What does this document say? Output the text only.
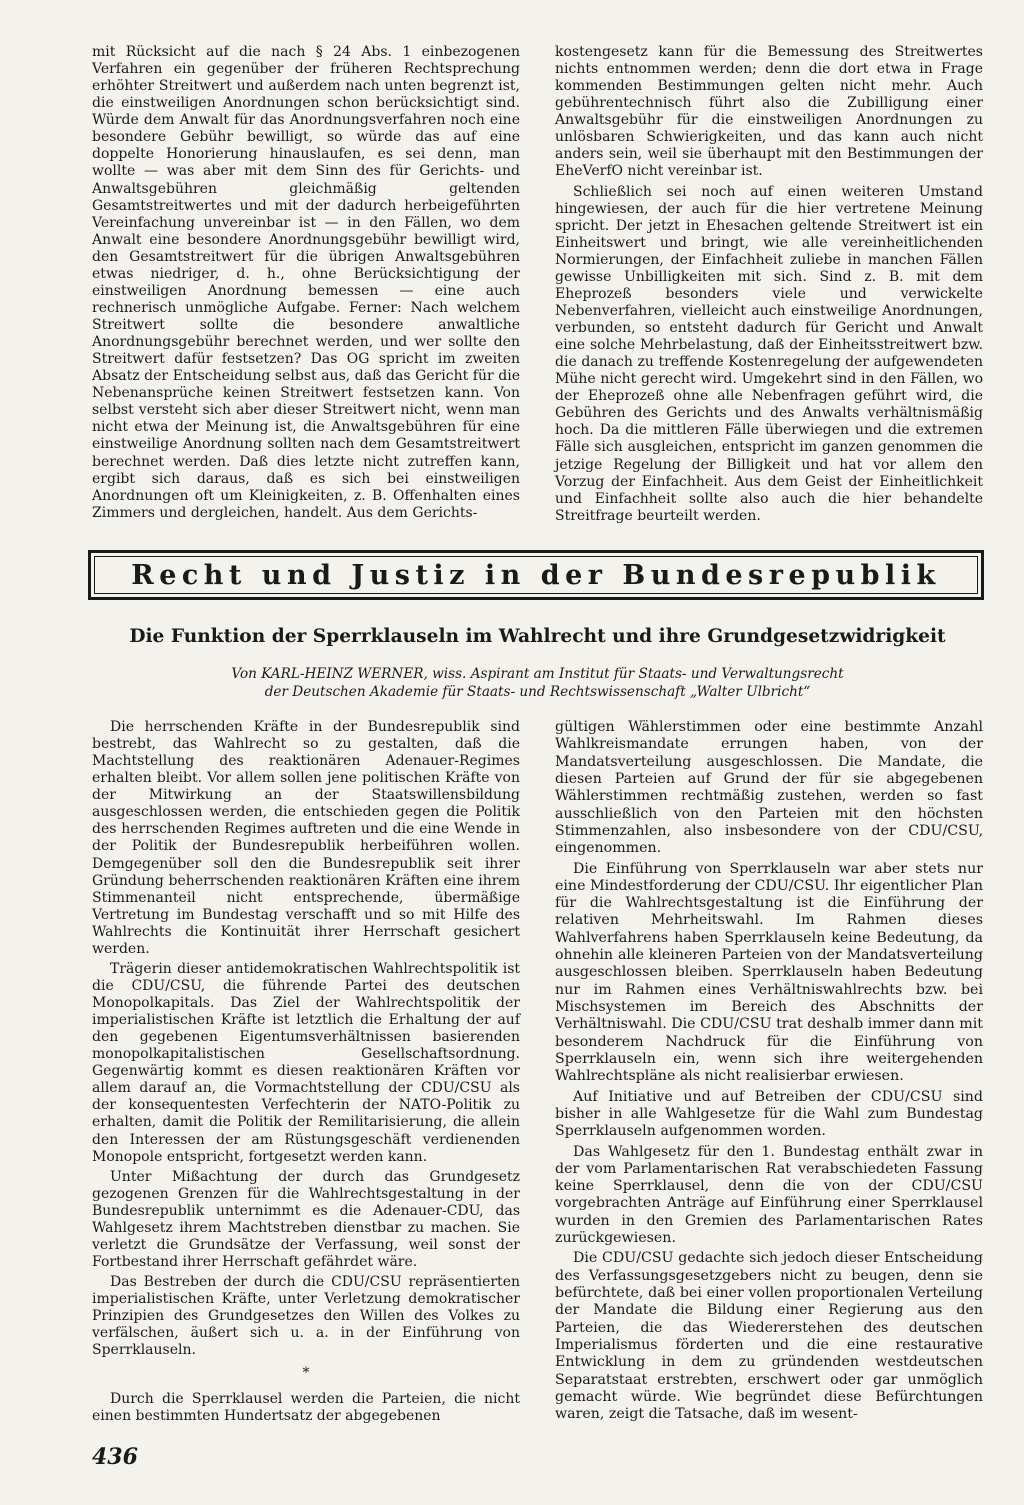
mit Rücksicht auf die nach § 24 Abs. 1 einbezogenen Verfahren ein gegenüber der früheren Rechtsprechung erhöhter Streitwert und außerdem nach unten begrenzt ist, die einstweiligen Anordnungen schon berücksichtigt sind. Würde dem Anwalt für das Anordnungsverfahren noch eine besondere Gebühr bewilligt, so würde das auf eine doppelte Honorierung hinauslaufen, es sei denn, man wollte — was aber mit dem Sinn des für Gerichts- und Anwaltsgebühren gleichmäßig geltenden Gesamtstreitwertes und mit der dadurch herbeigeführten Vereinfachung unvereinbar ist — in den Fällen, wo dem Anwalt eine besondere Anordnungsgebühr bewilligt wird, den Gesamtstreitwert für die übrigen Anwaltsgebühren etwas niedriger, d. h., ohne Berücksichtigung der einstweiligen Anordnung bemessen — eine auch rechnerisch unmögliche Aufgabe. Ferner: Nach welchem Streitwert sollte die besondere anwaltliche Anordnungsgebühr berechnet werden, und wer sollte den Streitwert dafür festsetzen? Das OG spricht im zweiten Absatz der Entscheidung selbst aus, daß das Gericht für die Nebenansprüche keinen Streitwert festsetzen kann. Von selbst versteht sich aber dieser Streitwert nicht, wenn man nicht etwa der Meinung ist, die Anwaltsgebühren für eine einstweilige Anordnung sollten nach dem Gesamtstreitwert berechnet werden. Daß dies letzte nicht zutreffen kann, ergibt sich daraus, daß es sich bei einstweiligen Anordnungen oft um Kleinigkeiten, z. B. Offenhalten eines Zimmers und dergleichen, handelt. Aus dem Gerichts-

kostengesetz kann für die Bemessung des Streitwertes nichts entnommen werden; denn die dort etwa in Frage kommenden Bestimmungen gelten nicht mehr. Auch gebührentechnisch führt also die Zubilligung einer Anwaltsgebühr für die einstweiligen Anordnungen zu unlösbaren Schwierigkeiten, und das kann auch nicht anders sein, weil sie überhaupt mit den Bestimmungen der EheVerfO nicht vereinbar ist.

Schließlich sei noch auf einen weiteren Umstand hingewiesen, der auch für die hier vertretene Meinung spricht. Der jetzt in Ehesachen geltende Streitwert ist ein Einheitswert und bringt, wie alle vereinheitlichenden Normierungen, der Einfachheit zuliebe in manchen Fällen gewisse Unbilligkeiten mit sich. Sind z. B. mit dem Eheprozeß besonders viele und verwickelte Nebenverfahren, vielleicht auch einstweilige Anordnungen, verbunden, so entsteht dadurch für Gericht und Anwalt eine solche Mehrbelastung, daß der Einheitsstreitwert bzw. die danach zu treffende Kostenregelung der aufgewendeten Mühe nicht gerecht wird. Umgekehrt sind in den Fällen, wo der Eheprozeß ohne alle Nebenfragen geführt wird, die Gebühren des Gerichts und des Anwalts verhältnismäßig hoch. Da die mittleren Fälle überwiegen und die extremen Fälle sich ausgleichen, entspricht im ganzen genommen die jetzige Regelung der Billigkeit und hat vor allem den Vorzug der Einfachheit. Aus dem Geist der Einheitlichkeit und Einfachheit sollte also auch die hier behandelte Streitfrage beurteilt werden.

Recht und Justiz in der Bundesrepublik
Die Funktion der Sperrklauseln im Wahlrecht und ihre Grundgesetzwidrigkeit
Von KARL-HEINZ WERNER, wiss. Aspirant am Institut für Staats- und Verwaltungsrecht
der Deutschen Akademie für Staats- und Rechtswissenschaft „Walter Ulbricht“

Die herrschenden Kräfte in der Bundesrepublik sind bestrebt, das Wahlrecht so zu gestalten, daß die Machtstellung des reaktionären Adenauer-Regimes erhalten bleibt. Vor allem sollen jene politischen Kräfte von der Mitwirkung an der Staatswillensbildung ausgeschlossen werden, die entschieden gegen die Politik des herrschenden Regimes auftreten und die eine Wende in der Politik der Bundesrepublik herbeiführen wollen. Demgegenüber soll den die Bundesrepublik seit ihrer Gründung beherrschenden reaktionären Kräften eine ihrem Stimmenanteil nicht entsprechende, übermäßige Vertretung im Bundestag verschafft und so mit Hilfe des Wahlrechts die Kontinuität ihrer Herrschaft gesichert werden.

Trägerin dieser antidemokratischen Wahlrechtspolitik ist die CDU/CSU, die führende Partei des deutschen Monopolkapitals. Das Ziel der Wahlrechtspolitik der imperialistischen Kräfte ist letztlich die Erhaltung der auf den gegebenen Eigentumsverhältnissen basierenden monopolkapitalistischen Gesellschaftsordnung. Gegenwärtig kommt es diesen reaktionären Kräften vor allem darauf an, die Vormachtstellung der CDU/CSU als der konsequentesten Verfechterin der NATO-Politik zu erhalten, damit die Politik der Remilitarisierung, die allein den Interessen der am Rüstungsgeschäft verdienenden Monopole entspricht, fortgesetzt werden kann.

Unter Mißachtung der durch das Grundgesetz gezogenen Grenzen für die Wahlrechtsgestaltung in der Bundesrepublik unternimmt es die Adenauer-CDU, das Wahlgesetz ihrem Machtstreben dienstbar zu machen. Sie verletzt die Grundsätze der Verfassung, weil sonst der Fortbestand ihrer Herrschaft gefährdet wäre.

Das Bestreben der durch die CDU/CSU repräsentierten imperialistischen Kräfte, unter Verletzung demokratischer Prinzipien des Grundgesetzes den Willen des Volkes zu verfälschen, äußert sich u. a. in der Einführung von Sperrklauseln.

*

Durch die Sperrklausel werden die Parteien, die nicht einen bestimmten Hundertsatz der abgegebenen

gültigen Wählerstimmen oder eine bestimmte Anzahl Wahlkreismandate errungen haben, von der Mandatsverteilung ausgeschlossen. Die Mandate, die diesen Parteien auf Grund der für sie abgegebenen Wählerstimmen rechtmäßig zustehen, werden so fast ausschließlich von den Parteien mit den höchsten Stimmenzahlen, also insbesondere von der CDU/CSU, eingenommen.

Die Einführung von Sperrklauseln war aber stets nur eine Mindestforderung der CDU/CSU. Ihr eigentlicher Plan für die Wahlrechtsgestaltung ist die Einführung der relativen Mehrheitswahl. Im Rahmen dieses Wahlverfahrens haben Sperrklauseln keine Bedeutung, da ohnehin alle kleineren Parteien von der Mandatsverteilung ausgeschlossen bleiben. Sperrklauseln haben Bedeutung nur im Rahmen eines Verhältniswahlrechts bzw. bei Mischsystemen im Bereich des Abschnitts der Verhältniswahl. Die CDU/CSU trat deshalb immer dann mit besonderem Nachdruck für die Einführung von Sperrklauseln ein, wenn sich ihre weitergehenden Wahlrechtspläne als nicht realisierbar erwiesen.

Auf Initiative und auf Betreiben der CDU/CSU sind bisher in alle Wahlgesetze für die Wahl zum Bundestag Sperrklauseln aufgenommen worden.

Das Wahlgesetz für den 1. Bundestag enthält zwar in der vom Parlamentarischen Rat verabschiedeten Fassung keine Sperrklausel, denn die von der CDU/CSU vorgebrachten Anträge auf Einführung einer Sperrklausel wurden in den Gremien des Parlamentarischen Rates zurückgewiesen.

Die CDU/CSU gedachte sich jedoch dieser Entscheidung des Verfassungsgesetzgebers nicht zu beugen, denn sie befürchtete, daß bei einer vollen proportionalen Verteilung der Mandate die Bildung einer Regierung aus den Parteien, die das Wiedererstehen des deutschen Imperialismus förderten und die eine restaurative Entwicklung in dem zu gründenden westdeutschen Separatstaat erstrebten, erschwert oder gar unmöglich gemacht würde. Wie begründet diese Befürchtungen waren, zeigt die Tatsache, daß im wesent-

436
